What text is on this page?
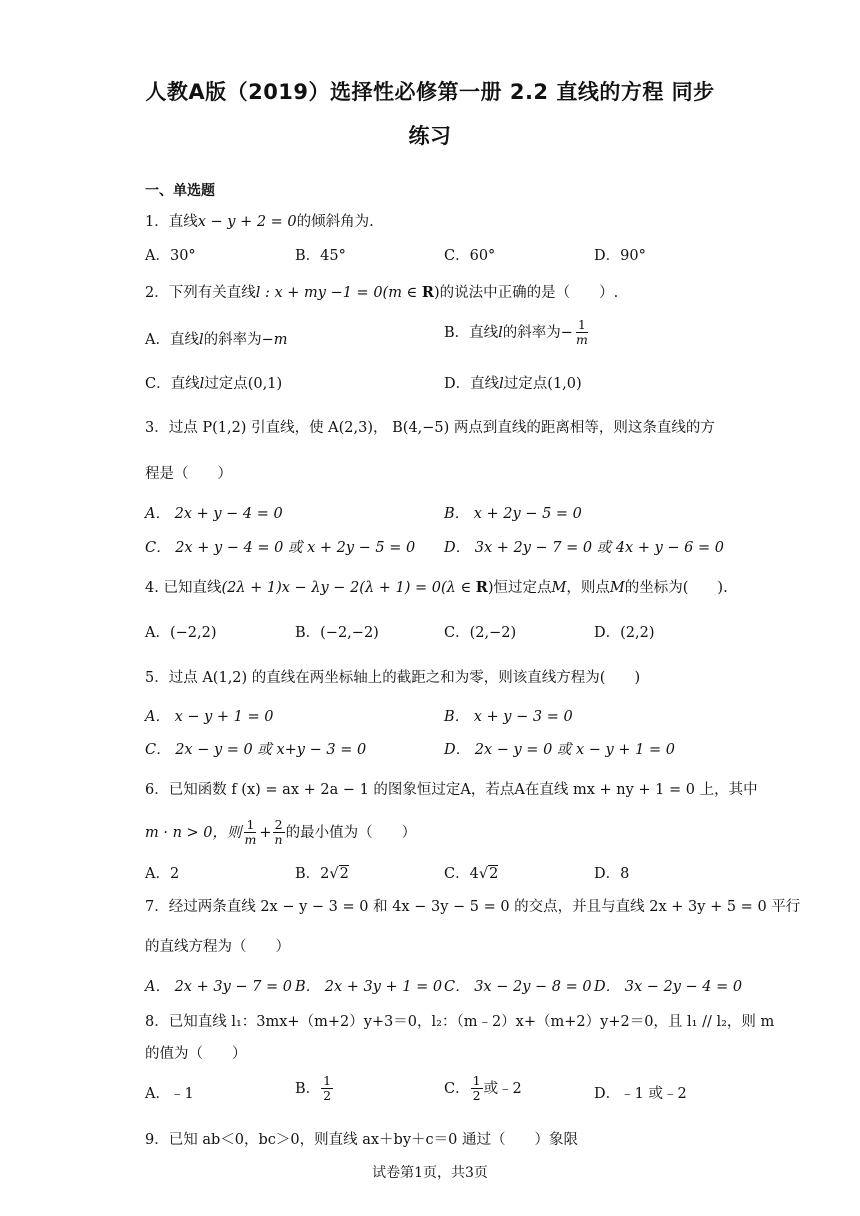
人教A版（2019）选择性必修第一册 2.2 直线的方程 同步
练习
一、单选题
1．直线x − y + 2 = 0的倾斜角为.
A．30°	B．45°	C．60°	D．90°
2．下列有关直线l : x + my −1 = 0(m ∈ R)的说法中正确的是（　　）.
A．直线l的斜率为−m	B．直线l的斜率为− $\frac{1}{m}$
C．直线l过定点(0,1)	D．直线l过定点(1,0)
3．过点 P(1,2) 引直线，使 A(2,3)， B(4,−5) 两点到直线的距离相等，则这条直线的方
程是（　　）
A． 2x + y − 4 = 0	B． x + 2y − 5 = 0
C． 2x + y − 4 = 0 或 x + 2y − 5 = 0 D． 3x + 2y − 7 = 0 或 4x + y − 6 = 0
4. 已知直线(2λ + 1)x − λy − 2(λ + 1) = 0(λ ∈ R)恒过定点M，则点M的坐标为(　　).
A．(−2,2)	B．(−2,−2)	C．(2,−2)	D．(2,2)
5．过点 A(1,2) 的直线在两坐标轴上的截距之和为零，则该直线方程为(　　)
A． x − y + 1 = 0	B． x + y − 3 = 0
C． 2x − y = 0 或 x+y − 3 = 0	D． 2x − y = 0 或 x − y + 1 = 0
6．已知函数 f (x) = ax + 2a − 1 的图象恒过定A，若点A在直线 mx + ny + 1 = 0 上，其中
m · n > 0，则 $\frac{1}{m} + \frac{2}{n}$ 的最小值为（　　）
A．2	B．2√2	C．4√2	D．8
7．经过两条直线 2x − y − 3 = 0 和 4x − 3y − 5 = 0 的交点，并且与直线 2x + 3y + 5 = 0 平行
的直线方程为（　　）
A． 2x + 3y − 7 = 0 B． 2x + 3y + 1 = 0 C． 3x − 2y − 8 = 0 D． 3x − 2y − 4 = 0
8．已知直线 l₁：3mx+（m+2）y+3＝0，l₂：（m﹣2）x+（m+2）y+2＝0，且 l₁ // l₂，则 m
的值为（　　）
A．﹣1	B． $\frac{1}{2}$	C． $\frac{1}{2}$ 或﹣2	D．﹣1 或﹣2
9．已知 ab＜0，bc＞0，则直线 ax＋by＋c＝0 通过（　　）象限
试卷第1页，共3页
